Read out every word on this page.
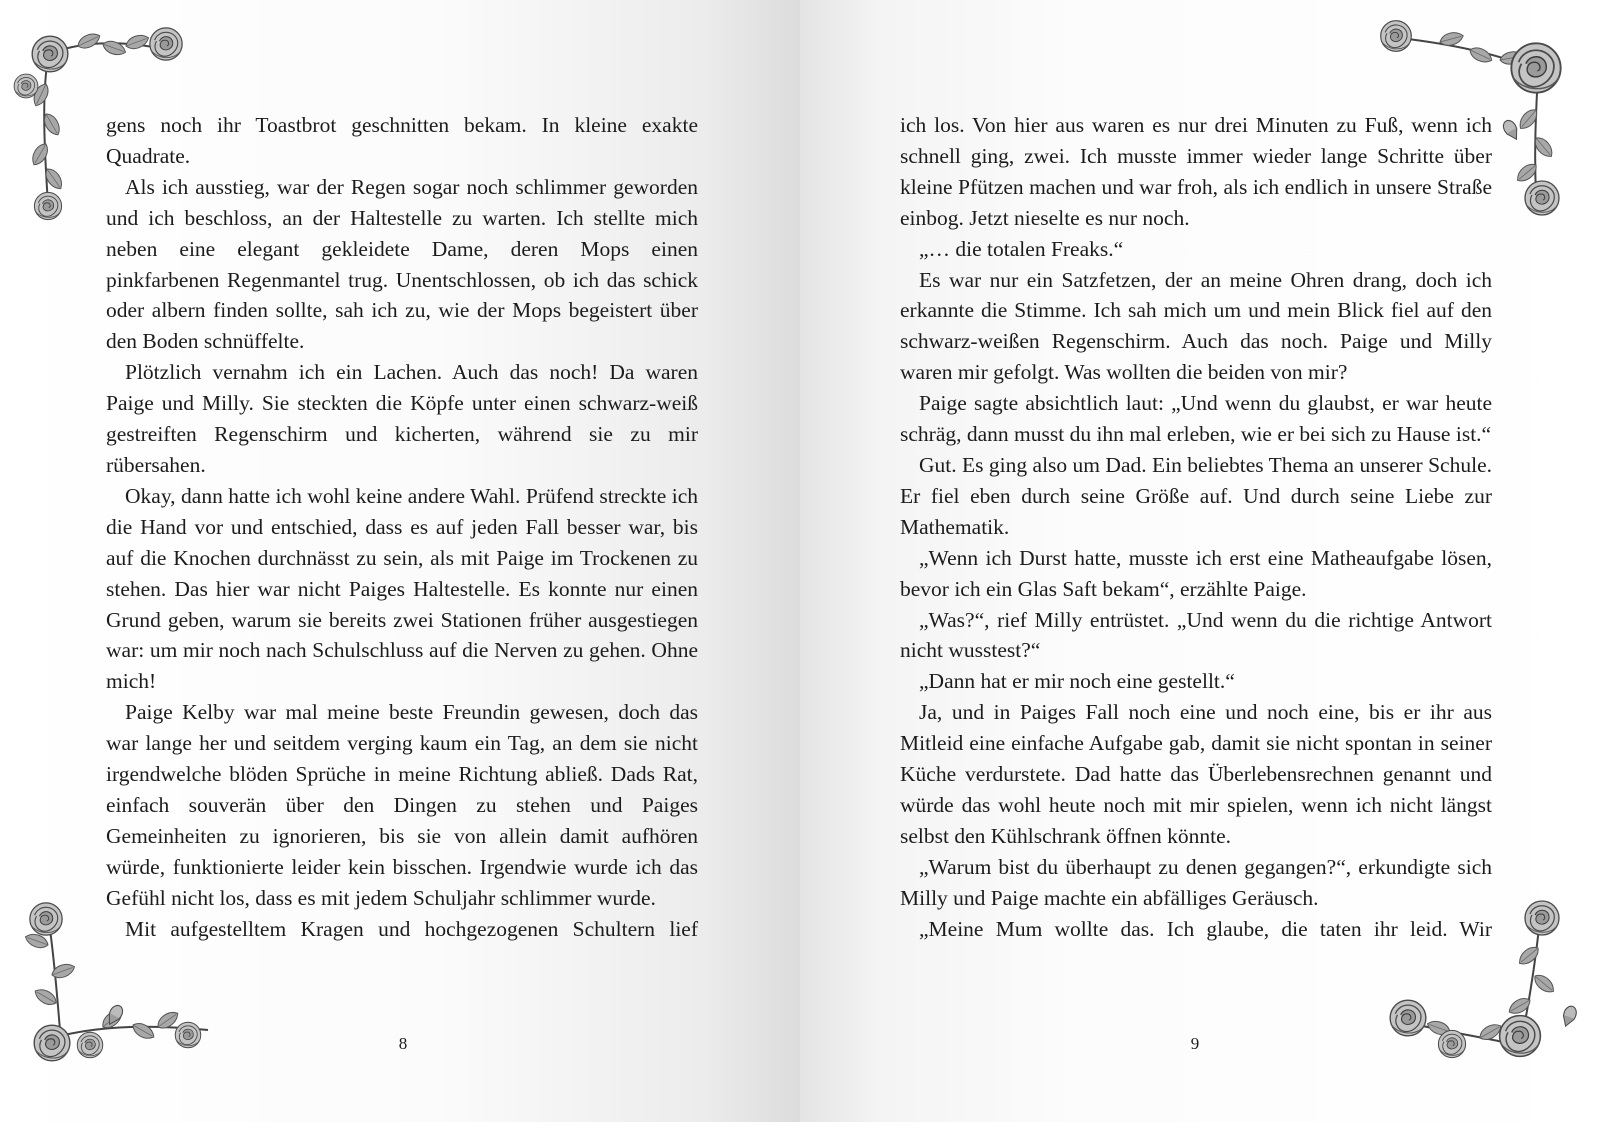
gens noch ihr Toastbrot geschnitten bekam. In kleine exakte Quadrate.

Als ich ausstieg, war der Regen sogar noch schlimmer geworden und ich beschloss, an der Haltestelle zu warten. Ich stellte mich neben eine elegant gekleidete Dame, deren Mops einen pinkfarbenen Regenmantel trug. Unentschlossen, ob ich das schick oder albern finden sollte, sah ich zu, wie der Mops begeistert über den Boden schnüffelte.

Plötzlich vernahm ich ein Lachen. Auch das noch! Da waren Paige und Milly. Sie steckten die Köpfe unter einen schwarz-weiß gestreiften Regenschirm und kicherten, während sie zu mir rübersahen.

Okay, dann hatte ich wohl keine andere Wahl. Prüfend streckte ich die Hand vor und entschied, dass es auf jeden Fall besser war, bis auf die Knochen durchnässt zu sein, als mit Paige im Trockenen zu stehen. Das hier war nicht Paiges Haltestelle. Es konnte nur einen Grund geben, warum sie bereits zwei Stationen früher ausgestiegen war: um mir noch nach Schulschluss auf die Nerven zu gehen. Ohne mich!

Paige Kelby war mal meine beste Freundin gewesen, doch das war lange her und seitdem verging kaum ein Tag, an dem sie nicht irgendwelche blöden Sprüche in meine Richtung abließ. Dads Rat, einfach souverän über den Dingen zu stehen und Paiges Gemeinheiten zu ignorieren, bis sie von allein damit aufhören würde, funktionierte leider kein bisschen. Irgendwie wurde ich das Gefühl nicht los, dass es mit jedem Schuljahr schlimmer wurde.

Mit aufgestelltem Kragen und hochgezogenen Schultern lief

8

ich los. Von hier aus waren es nur drei Minuten zu Fuß, wenn ich schnell ging, zwei. Ich musste immer wieder lange Schritte über kleine Pfützen machen und war froh, als ich endlich in unsere Straße einbog. Jetzt nieselte es nur noch.

„… die totalen Freaks.“

Es war nur ein Satzfetzen, der an meine Ohren drang, doch ich erkannte die Stimme. Ich sah mich um und mein Blick fiel auf den schwarz-weißen Regenschirm. Auch das noch. Paige und Milly waren mir gefolgt. Was wollten die beiden von mir?

Paige sagte absichtlich laut: „Und wenn du glaubst, er war heute schräg, dann musst du ihn mal erleben, wie er bei sich zu Hause ist.“

Gut. Es ging also um Dad. Ein beliebtes Thema an unserer Schule. Er fiel eben durch seine Größe auf. Und durch seine Liebe zur Mathematik.

„Wenn ich Durst hatte, musste ich erst eine Matheaufgabe lösen, bevor ich ein Glas Saft bekam“, erzählte Paige.

„Was?“, rief Milly entrüstet. „Und wenn du die richtige Antwort nicht wusstest?“

„Dann hat er mir noch eine gestellt.“

Ja, und in Paiges Fall noch eine und noch eine, bis er ihr aus Mitleid eine einfache Aufgabe gab, damit sie nicht spontan in seiner Küche verdurstete. Dad hatte das Überlebensrechnen genannt und würde das wohl heute noch mit mir spielen, wenn ich nicht längst selbst den Kühlschrank öffnen könnte.

„Warum bist du überhaupt zu denen gegangen?“, erkundigte sich Milly und Paige machte ein abfälliges Geräusch.

„Meine Mum wollte das. Ich glaube, die taten ihr leid. Wir

9
